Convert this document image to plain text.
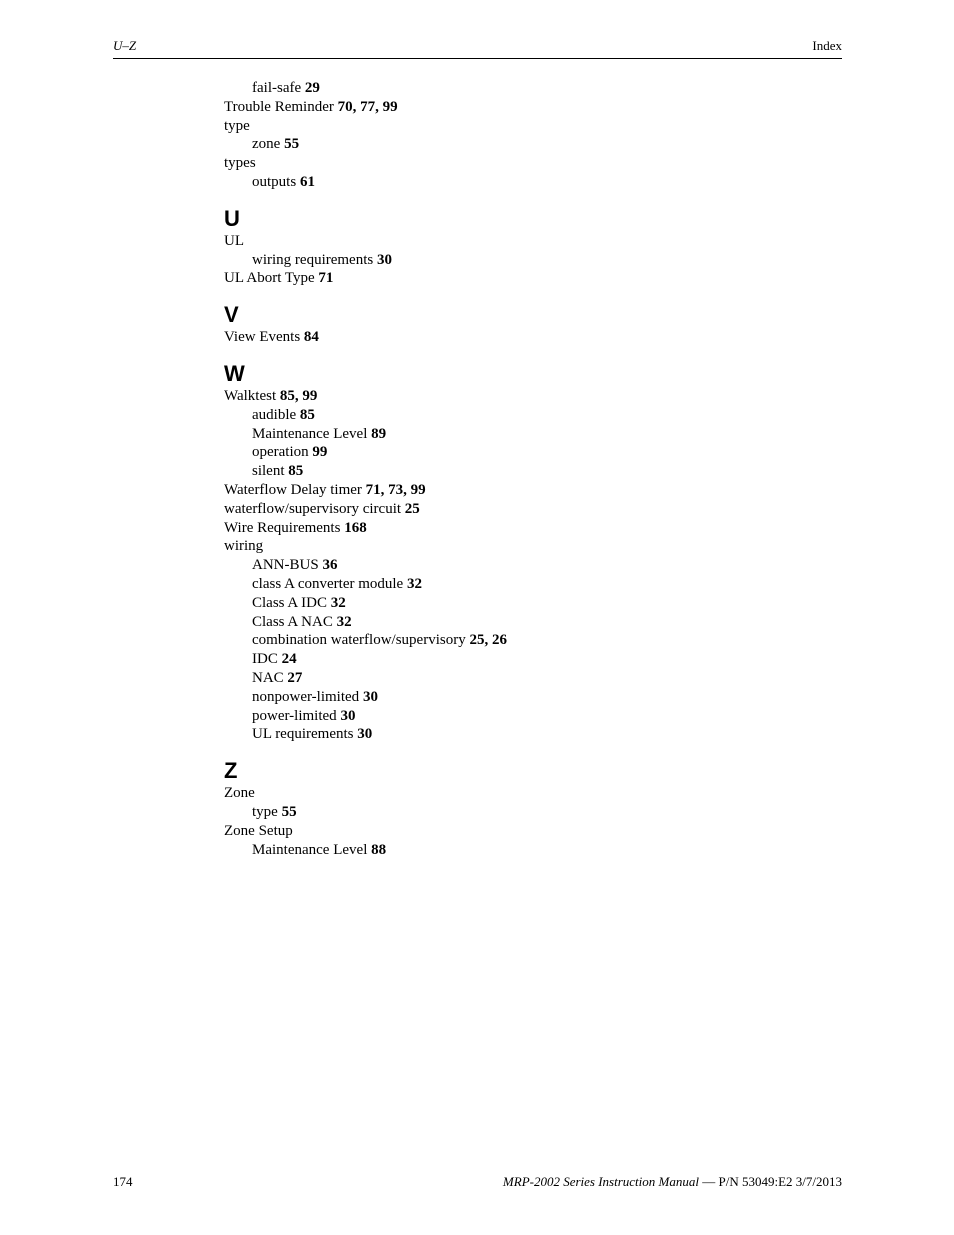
U–Z	Index
fail-safe 29
Trouble Reminder 70, 77, 99
type
zone 55
types
outputs 61
U
UL
wiring requirements 30
UL Abort Type 71
V
View Events 84
W
Walktest 85, 99
audible 85
Maintenance Level 89
operation 99
silent 85
Waterflow Delay timer 71, 73, 99
waterflow/supervisory circuit 25
Wire Requirements 168
wiring
ANN-BUS 36
class A converter module 32
Class A IDC 32
Class A NAC 32
combination waterflow/supervisory 25, 26
IDC 24
NAC 27
nonpower-limited 30
power-limited 30
UL requirements 30
Z
Zone
type 55
Zone Setup
Maintenance Level 88
174	MRP-2002 Series Instruction Manual — P/N 53049:E2 3/7/2013
